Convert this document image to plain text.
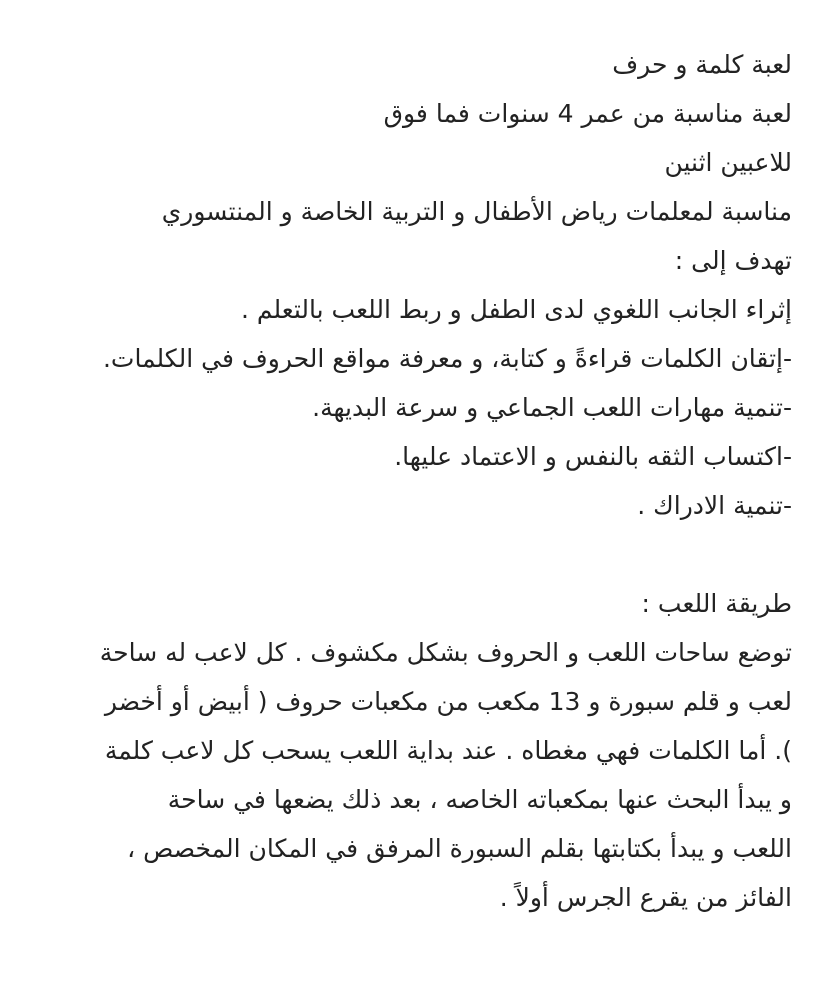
لعبة كلمة و حرف
لعبة مناسبة من عمر 4 سنوات فما فوق
للاعبين اثنين
مناسبة لمعلمات رياض الأطفال و التربية الخاصة و المنتسوري
تهدف إلى :
إثراء الجانب اللغوي لدى الطفل و ربط اللعب بالتعلم .
-إتقان الكلمات قراءةً و كتابة، و معرفة مواقع الحروف في الكلمات.
-تنمية مهارات اللعب الجماعي و سرعة البديهة.
-اكتساب الثقه بالنفس و الاعتماد عليها.
-تنمية الادراك .
طريقة اللعب :
توضع ساحات اللعب و الحروف بشكل مكشوف . كل لاعب له ساحة
لعب و قلم سبورة و 13 مكعب من مكعبات حروف ( أبيض أو أخضر
). أما الكلمات فهي مغطاه . عند بداية اللعب يسحب كل لاعب كلمة
و يبدأ البحث عنها بمكعباته الخاصه ، بعد ذلك يضعها في ساحة
اللعب و يبدأ بكتابتها بقلم السبورة المرفق في المكان المخصص ،
الفائز من يقرع الجرس أولاً .
